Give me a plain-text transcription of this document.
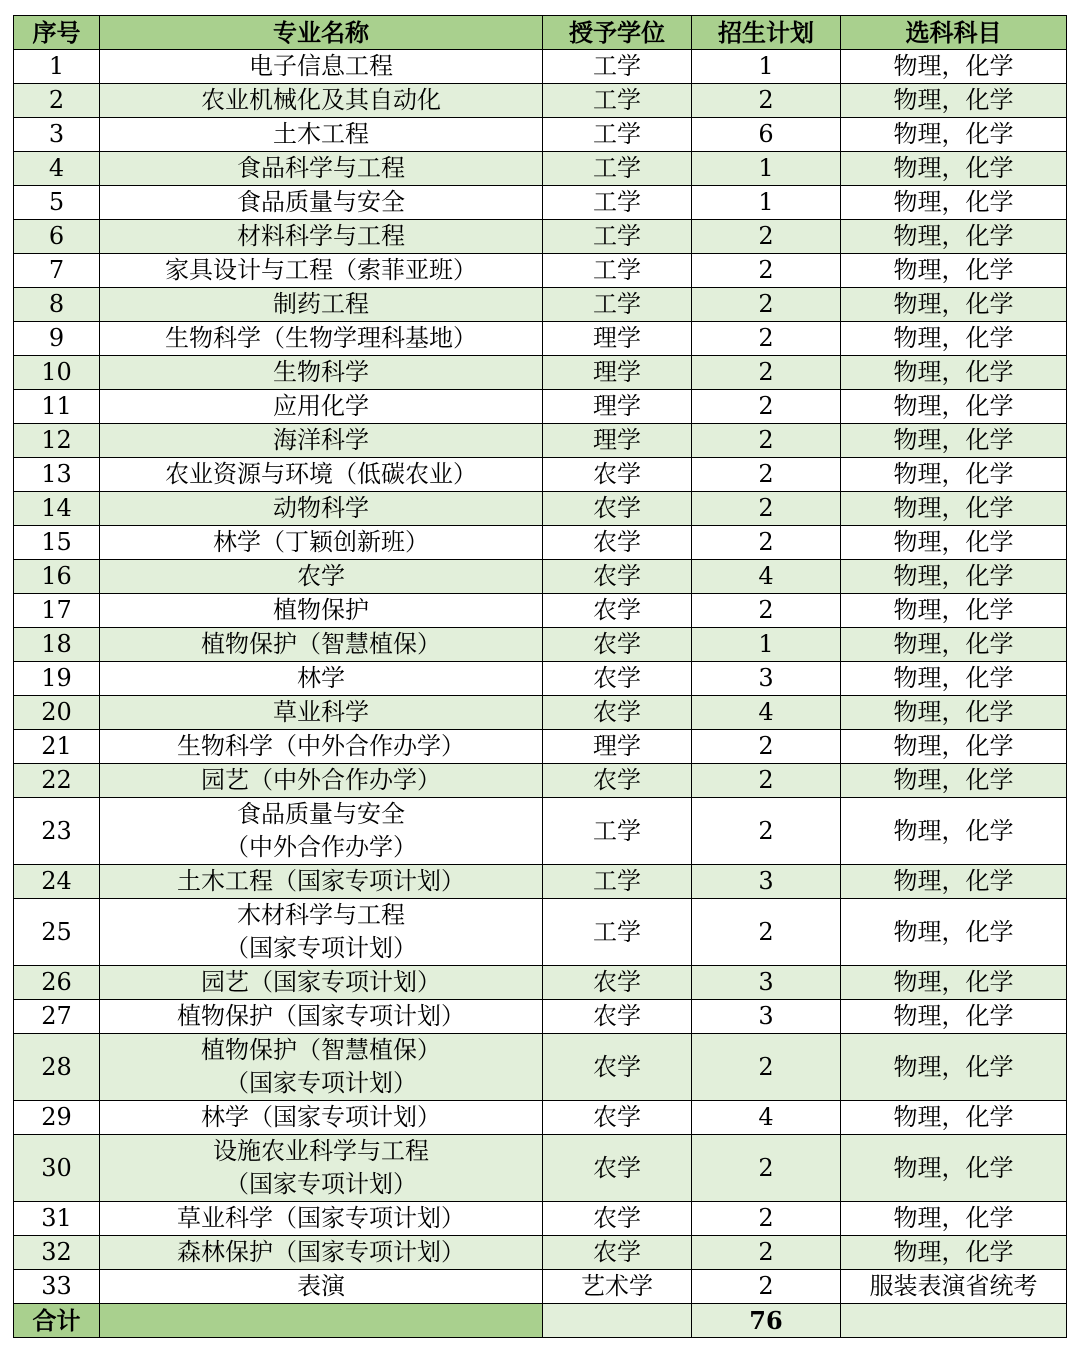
序号	专业名称	授予学位	招生计划	选科科目
1	电子信息工程	工学	1	物理，化学
2	农业机械化及其自动化	工学	2	物理，化学
3	土木工程	工学	6	物理，化学
4	食品科学与工程	工学	1	物理，化学
5	食品质量与安全	工学	1	物理，化学
6	材料科学与工程	工学	2	物理，化学
7	家具设计与工程（索菲亚班）	工学	2	物理，化学
8	制药工程	工学	2	物理，化学
9	生物科学（生物学理科基地）	理学	2	物理，化学
10	生物科学	理学	2	物理，化学
11	应用化学	理学	2	物理，化学
12	海洋科学	理学	2	物理，化学
13	农业资源与环境（低碳农业）	农学	2	物理，化学
14	动物科学	农学	2	物理，化学
15	林学（丁颖创新班）	农学	2	物理，化学
16	农学	农学	4	物理，化学
17	植物保护	农学	2	物理，化学
18	植物保护（智慧植保）	农学	1	物理，化学
19	林学	农学	3	物理，化学
20	草业科学	农学	4	物理，化学
21	生物科学（中外合作办学）	理学	2	物理，化学
22	园艺（中外合作办学）	农学	2	物理，化学
23	食品质量与安全
（中外合作办学）	工学	2	物理，化学
24	土木工程（国家专项计划）	工学	3	物理，化学
25	木材科学与工程
（国家专项计划）	工学	2	物理，化学
26	园艺（国家专项计划）	农学	3	物理，化学
27	植物保护（国家专项计划）	农学	3	物理，化学
28	植物保护（智慧植保）
（国家专项计划）	农学	2	物理，化学
29	林学（国家专项计划）	农学	4	物理，化学
30	设施农业科学与工程
（国家专项计划）	农学	2	物理，化学
31	草业科学（国家专项计划）	农学	2	物理，化学
32	森林保护（国家专项计划）	农学	2	物理，化学
33	表演	艺术学	2	服装表演省统考
合计			76	
